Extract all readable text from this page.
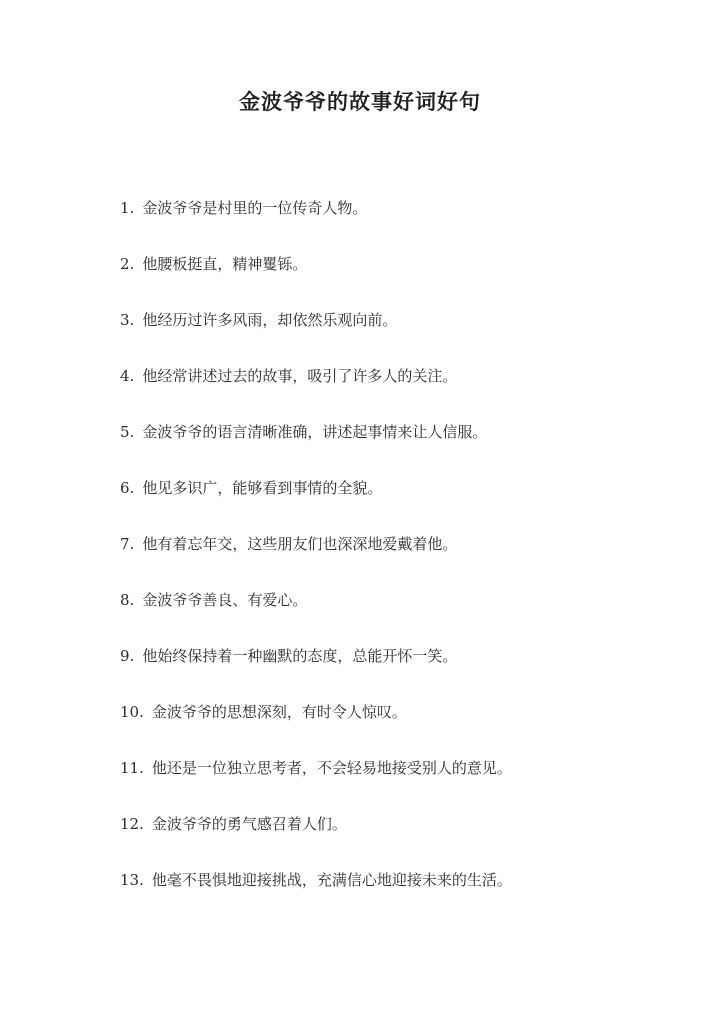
金波爷爷的故事好词好句
1. 金波爷爷是村里的一位传奇人物。
2. 他腰板挺直，精神矍铄。
3. 他经历过许多风雨，却依然乐观向前。
4. 他经常讲述过去的故事，吸引了许多人的关注。
5. 金波爷爷的语言清晰准确，讲述起事情来让人信服。
6. 他见多识广，能够看到事情的全貌。
7. 他有着忘年交，这些朋友们也深深地爱戴着他。
8. 金波爷爷善良、有爱心。
9. 他始终保持着一种幽默的态度，总能开怀一笑。
10. 金波爷爷的思想深刻，有时令人惊叹。
11. 他还是一位独立思考者，不会轻易地接受别人的意见。
12. 金波爷爷的勇气感召着人们。
13. 他毫不畏惧地迎接挑战，充满信心地迎接未来的生活。
